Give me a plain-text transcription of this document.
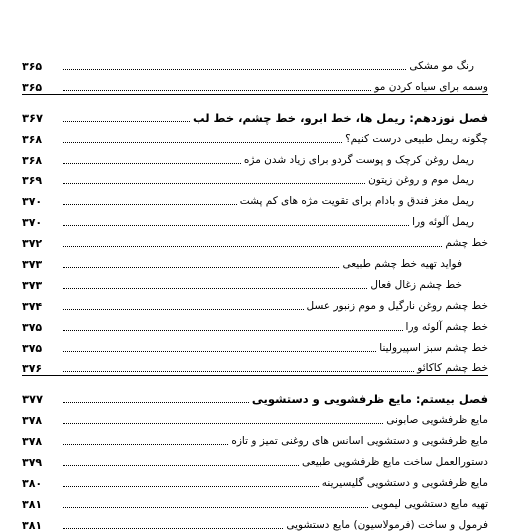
رنگ مو مشکی
۳۶۵
وسمه برای سیاه کردن مو
۳۶۵
فصل نوزدهم: ریمل ها، خط ابرو، خط چشم، خط لب
۳۶۷
چگونه ریمل طبیعی درست کنیم؟
۳۶۸
ریمل روغن کرچک و پوست گردو برای زیاد شدن مژه
۳۶۸
ریمل موم و روغن زیتون
۳۶۹
ریمل مغز فندق و بادام برای تقویت مژه های کم پشت
۳۷۰
ریمل آلوئه ورا
۳۷۰
خط چشم
۳۷۲
فواید تهیه خط چشم طبیعی
۳۷۳
خط چشم زغال فعال
۳۷۳
خط چشم روغن نارگیل و موم زنبور عسل
۳۷۴
خط چشم آلوئه ورا
۳۷۵
خط چشم سبز اسپیرولینا
۳۷۵
خط چشم کاکائو
۳۷۶
فصل بیستم: مایع ظرفشویی و دستشویی
۳۷۷
مایع ظرفشویی صابونی
۳۷۸
مایع ظرفشویی و دستشویی اسانس های روغنی تمیز و تازه
۳۷۸
دستورالعمل ساخت مایع ظرفشویی طبیعی
۳۷۹
مایع ظرفشویی و دستشویی گلیسیرینه
۳۸۰
تهیه مایع دستشویی لیمویی
۳۸۱
فرمول و ساخت (فرمولاسیون) مایع دستشویی
۳۸۱
